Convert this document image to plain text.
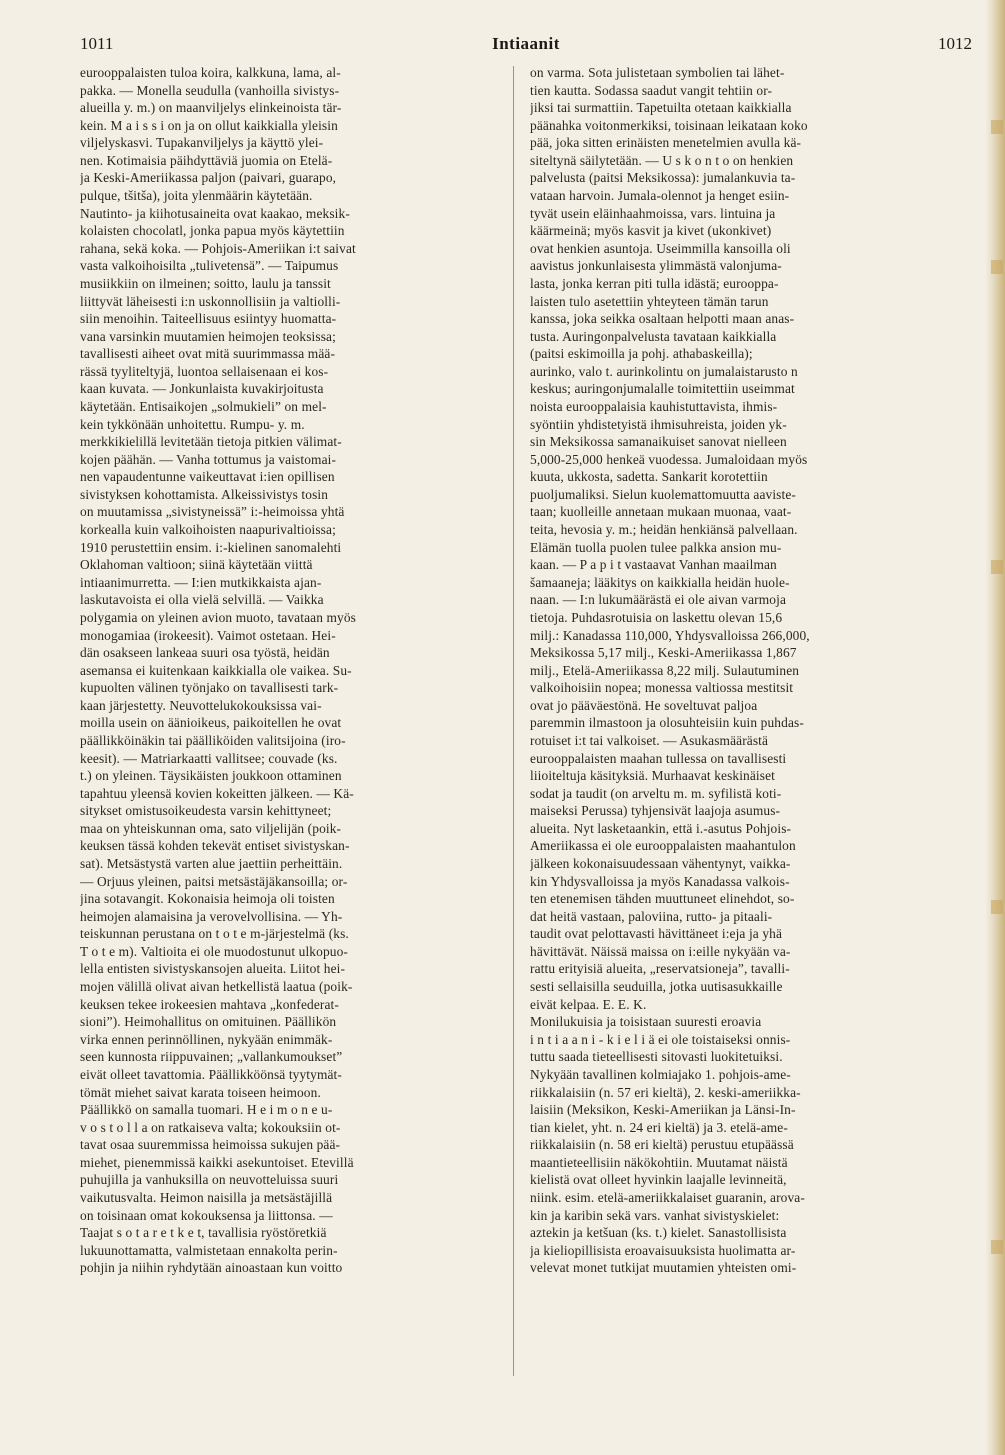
1011	Intiaanit	1012
eurooppalaisten tuloa koira, kalkkuna, lama, al-
pakka. — Monella seudulla (vanhoilla sivistys-
alueilla y. m.) on maanviljelys elinkeinoista tär-
kein. M a i s s i on ja on ollut kaikkialla yleisin
viljelyskasvi. Tupakanviljelys ja käyttö ylei-
nen. Kotimaisia päihdyttäviä juomia on Etelä-
ja Keski-Ameriikassa paljon (paivari, guarapo,
pulque, tšitša), joita ylenmäärin käytetään.
Nautinto- ja kiihotusaineita ovat kaakao, meksik-
kolaisten chocolatl, jonka papua myös käytettiin
rahana, sekä koka. — Pohjois-Ameriikan i:t saivat
vasta valkoihoisilta „tulivetensä”. — Taipumus
musiikkiin on ilmeinen; soitto, laulu ja tanssit
liittyvät läheisesti i:n uskonnollisiin ja valtiolli-
siin menoihin. Taiteellisuus esiintyy huomatta-
vana varsinkin muutamien heimojen teoksissa;
tavallisesti aiheet ovat mitä suurimmassa mää-
rässä tyyliteltyjä, luontoa sellaisenaan ei kos-
kaan kuvata. — Jonkunlaista kuvakirjoitusta
käytetään. Entisaikojen „solmukieli” on mel-
kein tykkönään unhoitettu. Rumpu- y. m.
merkkikielillä levitetään tietoja pitkien välimat-
kojen päähän. — Vanha tottumus ja vaistomai-
nen vapaudentunne vaikeuttavat i:ien opillisen
sivistyksen kohottamista. Alkeissivistys tosin
on muutamissa „sivistyneissä” i:-heimoissa yhtä
korkealla kuin valkoihoisten naapurivaltioissa;
1910 perustettiin ensim. i:-kielinen sanomalehti
Oklahoman valtioon; siinä käytetään viittä
intiaanimurretta. — I:ien mutkikkaista ajan-
laskutavoista ei olla vielä selvillä. — Vaikka
polygamia on yleinen avion muoto, tavataan myös
monogamiaa (irokeesit). Vaimot ostetaan. Hei-
dän osakseen lankeaa suuri osa työstä, heidän
asemansa ei kuitenkaan kaikkialla ole vaikea. Su-
kupuolten välinen työnjako on tavallisesti tark-
kaan järjestetty. Neuvottelukokouksissa vai-
moilla usein on äänioikeus, paikoitellen he ovat
päällikköinäkin tai päälliköiden valitsijoina (iro-
keesit). — Matriarkaatti vallitsee; couvade (ks.
t.) on yleinen. Täysikäisten joukkoon ottaminen
tapahtuu yleensä kovien kokeitten jälkeen. — Kä-
sitykset omistusoikeudesta varsin kehittyneet;
maa on yhteiskunnan oma, sato viljelijän (poik-
keuksen tässä kohden tekevät entiset sivistyskan-
sat). Metsästystä varten alue jaettiin perheittäin.
— Orjuus yleinen, paitsi metsästäjäkansoilla; or-
jina sotavangit. Kokonaisia heimoja oli toisten
heimojen alamaisina ja verovelvollisina. — Yh-
teiskunnan perustana on t o t e m-järjestelmä (ks.
T o t e m). Valtioita ei ole muodostunut ulkopuo-
lella entisten sivistyskansojen alueita. Liitot hei-
mojen välillä olivat aivan hetkellistä laatua (poik-
keuksen tekee irokeesien mahtava „konfederat-
sioni”). Heimohallitus on omituinen. Päällikön
virka ennen perinnöllinen, nykyään enimmäk-
seen kunnosta riippuvainen; „vallankumoukset”
eivät olleet tavattomia. Päällikköönsä tyytymät-
tömät miehet saivat karata toiseen heimoon.
Päällikkö on samalla tuomari. H e i m o n e u-
v o s t o l l a on ratkaiseva valta; kokouksiin ot-
tavat osaa suuremmissa heimoissa sukujen pää-
miehet, pienemmissä kaikki asekuntoiset. Etevillä
puhujilla ja vanhuksilla on neuvotteluissa suuri
vaikutusvalta. Heimon naisilla ja metsästäjillä
on toisinaan omat kokouksensa ja liittonsa. —
Taajat s o t a r e t k e t, tavallisia ryöstöretkiä
lukuunottamatta, valmistetaan ennakolta perin-
pohjin ja niihin ryhdytään ainoastaan kun voitto
on varma. Sota julistetaan symbolien tai lähet-
tien kautta. Sodassa saadut vangit tehtiin or-
jiksi tai surmattiin. Tapetuilta otetaan kaikkialla
päänahka voitonmerkiksi, toisinaan leikataan koko
pää, joka sitten erinäisten menetelmien avulla kä-
siteltynä säilytetään. — U s k o n t o on henkien
palvelusta (paitsi Meksikossa): jumalankuvia ta-
vataan harvoin. Jumala-olennot ja henget esiin-
tyvät usein eläinhaahmoissa, vars. lintuina ja
käärmeinä; myös kasvit ja kivet (ukonkivet)
ovat henkien asuntoja. Useimmilla kansoilla oli
aavistus jonkunlaisesta ylimmästä valonjuma-
lasta, jonka kerran piti tulla idästä; eurooppa-
laisten tulo asetettiin yhteyteen tämän tarun
kanssa, joka seikka osaltaan helpotti maan anas-
tusta. Auringonpalvelusta tavataan kaikkialla
(paitsi eskimoilla ja pohj. athabaskeilla);
aurinko, valo t. aurinkolintu on jumalaistarusto n
keskus; auringonjumalalle toimitettiin useimmat
noista eurooppalaisia kauhistuttavista, ihmis-
syöntiin yhdistetyistä ihmisuhreista, joiden yk-
sin Meksikossa samanaikuiset sanovat nielleen
5,000-25,000 henkeä vuodessa. Jumaloidaan myös
kuuta, ukkosta, sadetta. Sankarit korotettiin
puoljumaliksi. Sielun kuolemattomuutta aaviste-
taan; kuolleille annetaan mukaan muonaa, vaat-
teita, hevosia y. m.; heidän henkiänsä palvellaan.
Elämän tuolla puolen tulee palkka ansion mu-
kaan. — P a p i t vastaavat Vanhan maailman
šamaaneja; lääkitys on kaikkialla heidän huole-
naan. — I:n lukumäärästä ei ole aivan varmoja
tietoja. Puhdasrotuisia on laskettu olevan 15,6
milj.: Kanadassa 110,000, Yhdysvalloissa 266,000,
Meksikossa 5,17 milj., Keski-Ameriikassa 1,867
milj., Etelä-Ameriikassa 8,22 milj. Sulautuminen
valkoihoisiin nopea; monessa valtiossa mestitsit
ovat jo pääväestönä. He soveltuvat paljoa
paremmin ilmastoon ja olosuhteisiin kuin puhdas-
rotuiset i:t tai valkoiset. — Asukasmäärästä
eurooppalaisten maahan tullessa on tavallisesti
liioiteltuja käsityksiä. Murhaavat keskinäiset
sodat ja taudit (on arveltu m. m. syfilistä koti-
maiseksi Perussa) tyhjensivät laajoja asumus-
alueita. Nyt lasketaankin, että i.-asutus Pohjois-
Ameriikassa ei ole eurooppalaisten maahantulon
jälkeen kokonaisuudessaan vähentynyt, vaikka-
kin Yhdysvalloissa ja myös Kanadassa valkois-
ten etenemisen tähden muuttuneet elinehdot, so-
dat heitä vastaan, paloviina, rutto- ja pitaali-
taudit ovat pelottavasti hävittäneet i:eja ja yhä
hävittävät. Näissä maissa on i:eille nykyään va-
rattu erityisiä alueita, „reservatsioneja”, tavalli-
sesti sellaisilla seuduilla, jotka uutisasukkaille
eivät kelpaa. E. E. K.
Monilukuisia ja toisistaan suuresti eroavia
i n t i a a n i - k i e l i ä ei ole toistaiseksi onnis-
tuttu saada tieteellisesti sitovasti luokitetuiksi.
Nykyään tavallinen kolmiajako 1. pohjois-ame-
riikkalaisiin (n. 57 eri kieltä), 2. keski-ameriikka-
laisiin (Meksikon, Keski-Ameriikan ja Länsi-In-
tian kielet, yht. n. 24 eri kieltä) ja 3. etelä-ame-
riikkalaisiin (n. 58 eri kieltä) perustuu etupäässä
maantieteellisiin näkökohtiin. Muutamat näistä
kielistä ovat olleet hyvinkin laajalle levinneitä,
niink. esim. etelä-ameriikkalaiset guaranin, arova-
kin ja karibin sekä vars. vanhat sivistyskielet:
aztekin ja ketšuan (ks. t.) kielet. Sanastollisista
ja kieliopillisista eroavaisuuksista huolimatta ar-
velevat monet tutkijat muutamien yhteisten omi-
